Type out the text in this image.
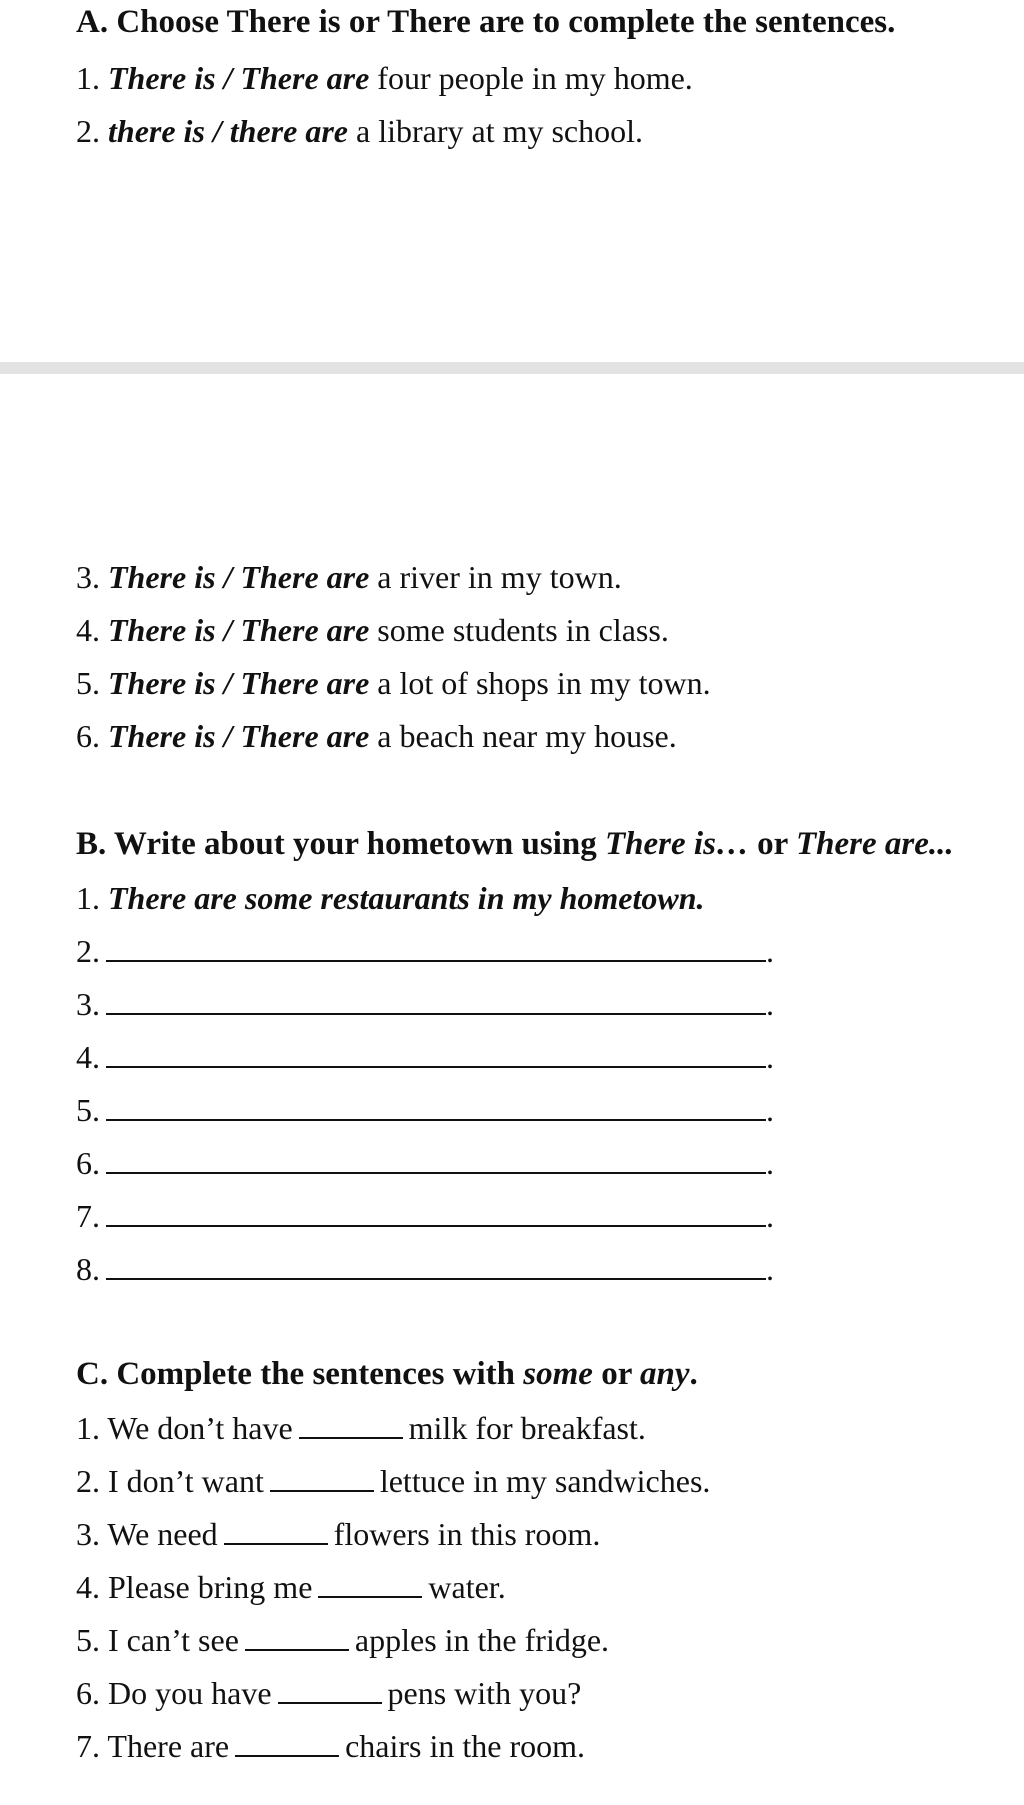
A. Choose There is or There are to complete the sentences.
1. There is / There are four people in my home.
2. there is / there are a library at my school.
3. There is / There are a river in my town.
4. There is / There are some students in class.
5. There is / There are a lot of shops in my town.
6. There is / There are a beach near my house.
B. Write about your hometown using There is… or There are...
1. There are some restaurants in my hometown.
2.	.
3.	.
4.	.
5.	.
6.	.
7.	.
8.	.
C. Complete the sentences with some or any.
1. We don’t have	milk for breakfast.
2. I don’t want	lettuce in my sandwiches.
3. We need	flowers in this room.
4. Please bring me	water.
5. I can’t see	apples in the fridge.
6. Do you have	pens with you?
7. There are	chairs in the room.
